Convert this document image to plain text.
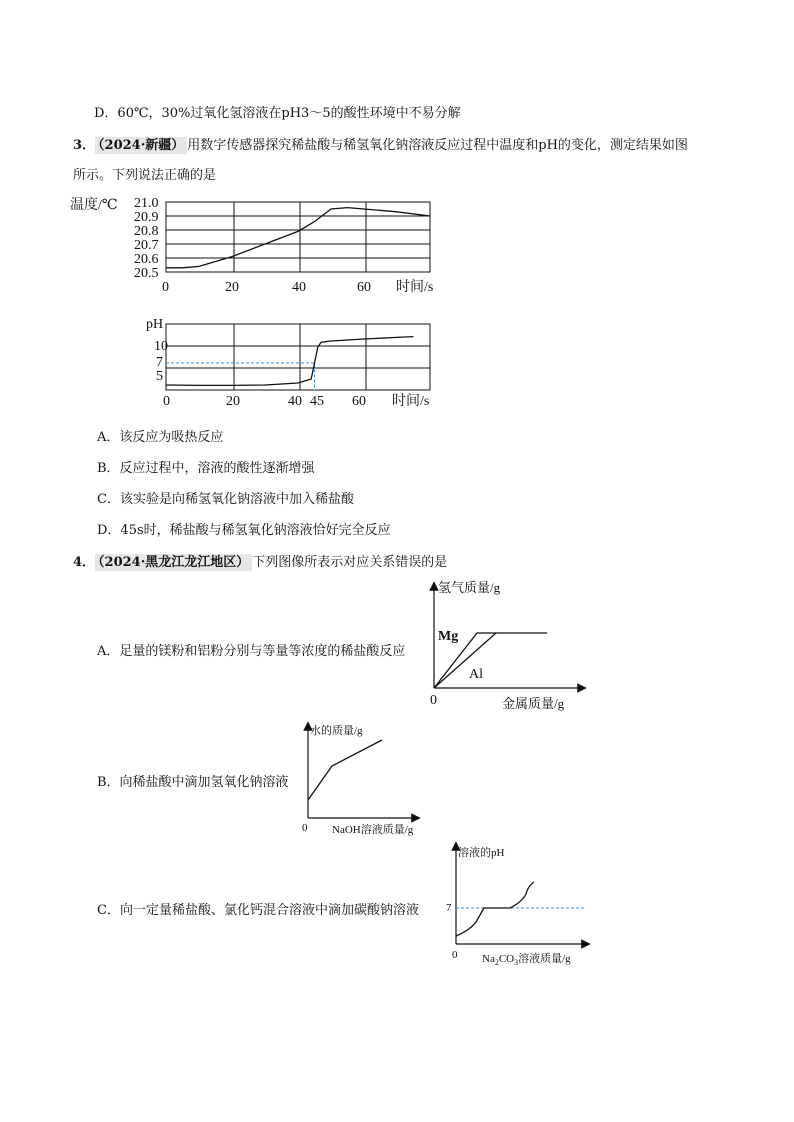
D．60℃，30%过氧化氢溶液在pH3～5的酸性环境中不易分解
3． （2024·新疆） 用数字传感器探究稀盐酸与稀氢氧化钠溶液反应过程中温度和pH的变化，测定结果如图
所示。下列说法正确的是
温度/℃ 21.0
20.9
20.8
20.7
20.6
20.5
0	20	40	60 时间/s
pH
10
7
5
0	20	40 45 60 时间/s
A．该反应为吸热反应
B．反应过程中，溶液的酸性逐渐增强
C．该实验是向稀氢氧化钠溶液中加入稀盐酸
D．45s时，稀盐酸与稀氢氧化钠溶液恰好完全反应
4． （2024·黑龙江龙江地区） 下列图像所表示对应关系错误的是
A．足量的镁粉和铝粉分别与等量等浓度的稀盐酸反应
氢气质量/g
Mg
Al
0	金属质量/g
B．向稀盐酸中滴加氢氧化钠溶液
水的质量/g
0 NaOH溶液质量/g
C．向一定量稀盐酸、氯化钙混合溶液中滴加碳酸钠溶液
溶液的pH
7
0 $Na_2CO_3$溶液质量/g
